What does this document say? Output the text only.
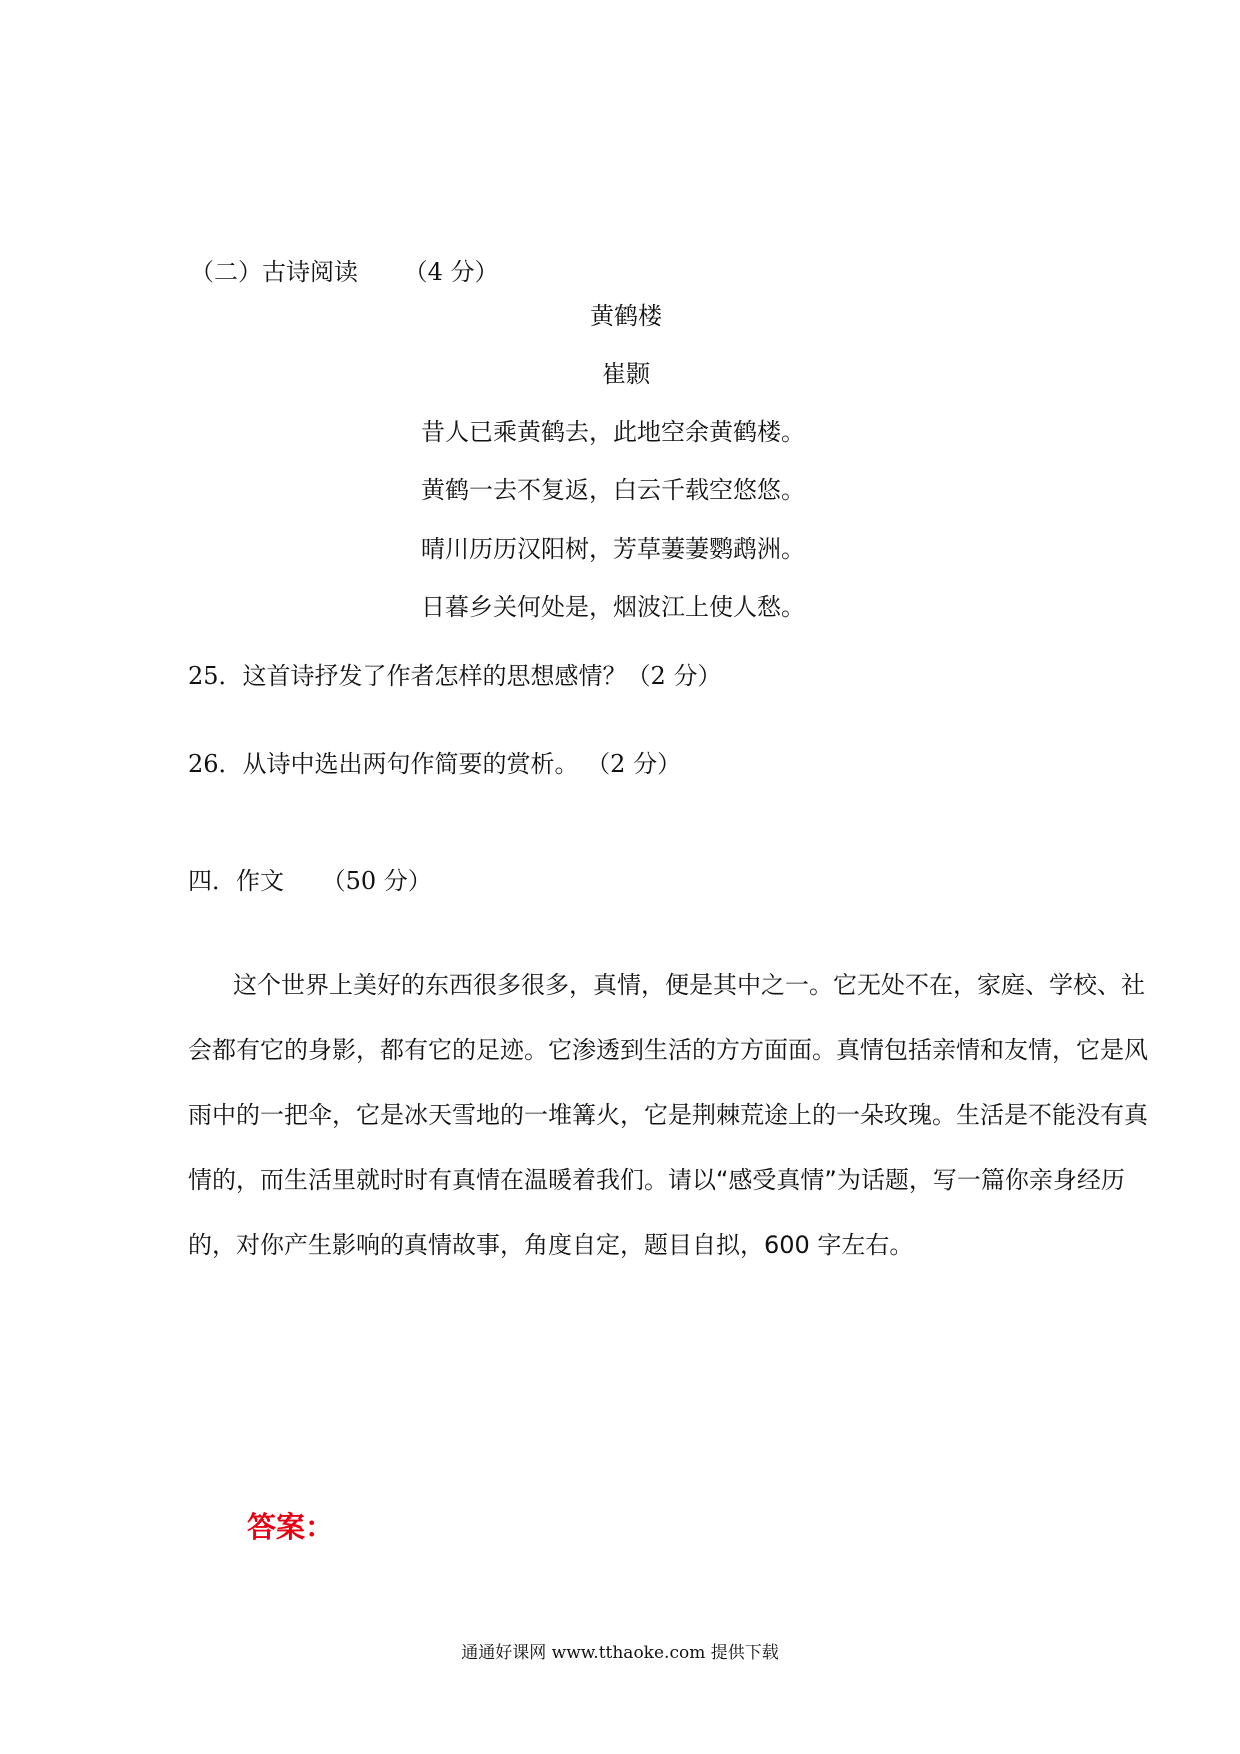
（二）古诗阅读 （4 分）
黄鹤楼
崔颢
昔人已乘黄鹤去，此地空余黄鹤楼。
黄鹤一去不复返，白云千载空悠悠。
晴川历历汉阳树，芳草萋萋鹦鹉洲。
日暮乡关何处是，烟波江上使人愁。
25．这首诗抒发了作者怎样的思想感情？（2 分）
26．从诗中选出两句作简要的赏析。 （2 分）
四．作文 （50 分）

这个世界上美好的东西很多很多，真情，便是其中之一。它无处不在，家庭、学校、社
会都有它的身影，都有它的足迹。它渗透到生活的方方面面。真情包括亲情和友情，它是风
雨中的一把伞，它是冰天雪地的一堆篝火，它是荆棘荒途上的一朵玫瑰。生活是不能没有真
情的，而生活里就时时有真情在温暖着我们。请以“感受真情”为话题，写一篇你亲身经历
的，对你产生影响的真情故事，角度自定，题目自拟，600 字左右。

答案：
通通好课网 www.tthaoke.com 提供下载
